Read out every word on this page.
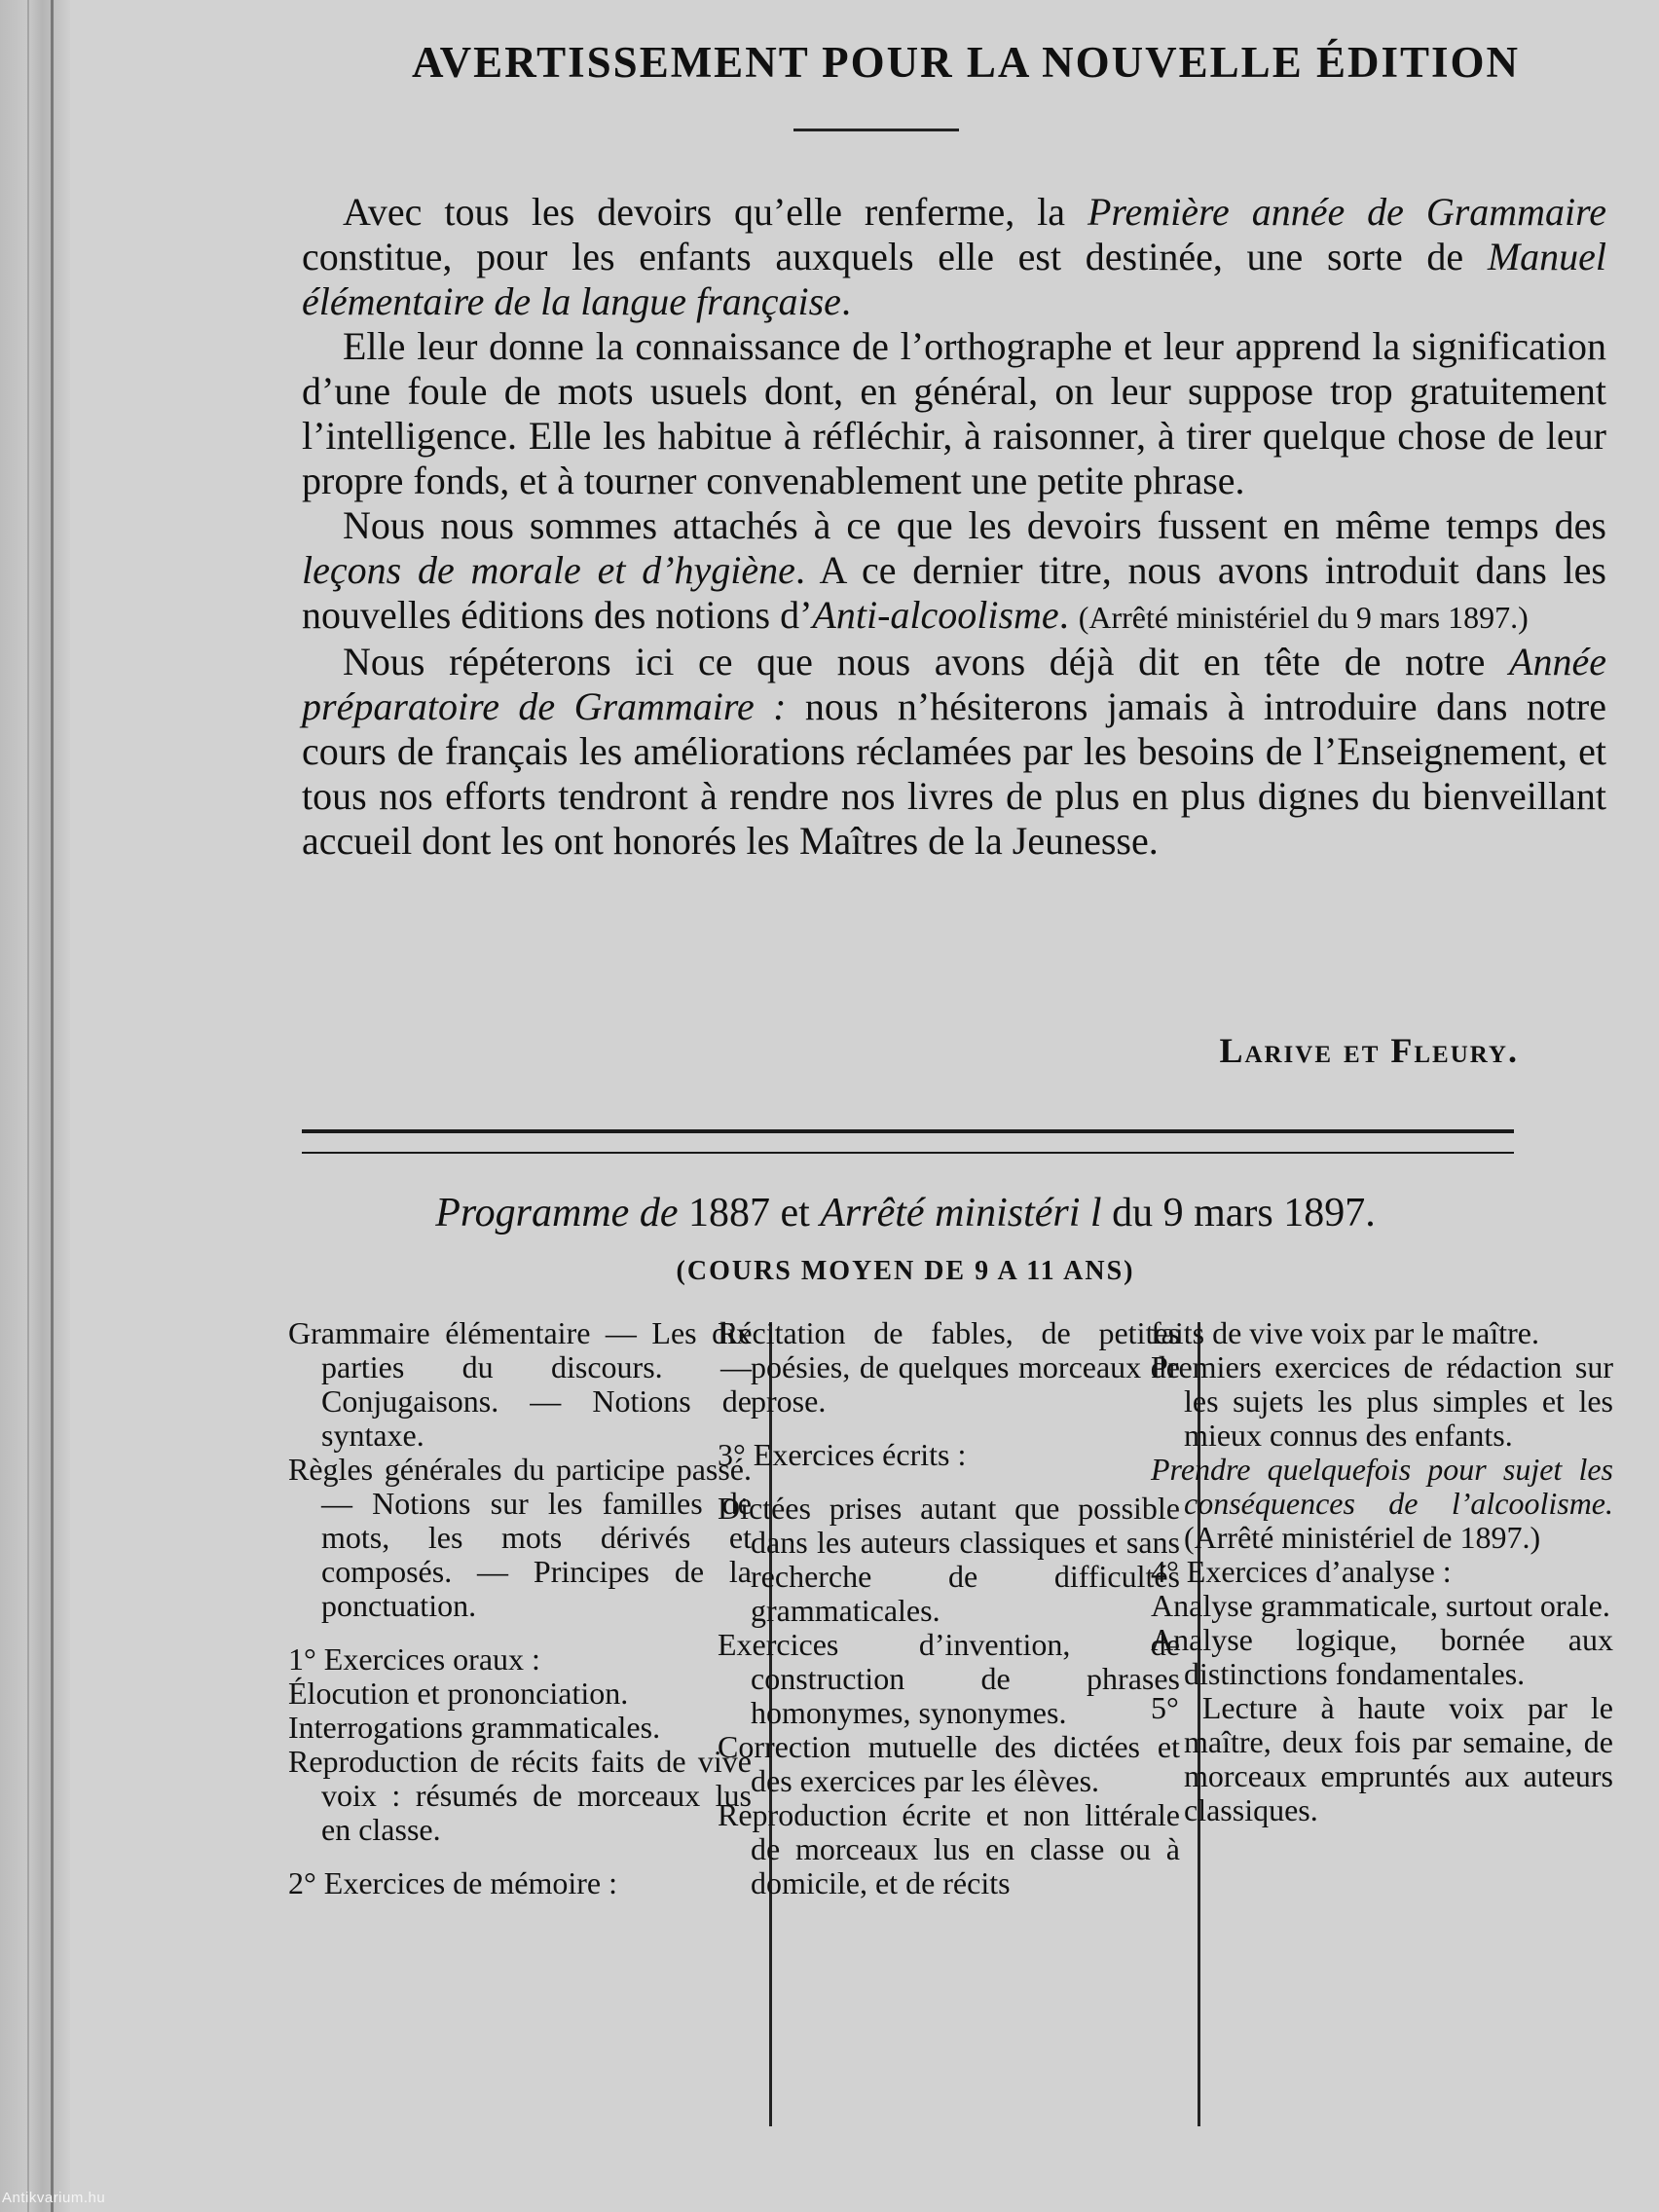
Antikvarium.hu
AVERTISSEMENT POUR LA NOUVELLE ÉDITION

Avec tous les devoirs qu’elle renferme, la Première année de Grammaire constitue, pour les enfants auxquels elle est destinée, une sorte de Manuel élémentaire de la langue française.

Elle leur donne la connaissance de l’orthographe et leur apprend la signification d’une foule de mots usuels dont, en général, on leur suppose trop gratuitement l’intelligence. Elle les habitue à réfléchir, à raisonner, à tirer quelque chose de leur propre fonds, et à tourner convenablement une petite phrase.

Nous nous sommes attachés à ce que les devoirs fussent en même temps des leçons de morale et d’hygiène. A ce dernier titre, nous avons introduit dans les nouvelles éditions des notions d’Anti-alcoolisme. (Arrêté ministériel du 9 mars 1897.)

Nous répéterons ici ce que nous avons déjà dit en tête de notre Année préparatoire de Grammaire : nous n’hésiterons jamais à introduire dans notre cours de français les améliorations réclamées par les besoins de l’Enseignement, et tous nos efforts tendront à rendre nos livres de plus en plus dignes du bienveillant accueil dont les ont honorés les Maîtres de la Jeunesse.

Larive et Fleury.
Programme de 1887 et Arrêté ministéri l du 9 mars 1897.
(COURS MOYEN DE 9 A 11 ANS)

Grammaire élémentaire — Les dix parties du discours. — Conjugaisons. — Notions de syntaxe.

Règles générales du participe passé. — Notions sur les familles de mots, les mots dérivés et composés. — Principes de la ponctuation.

1° Exercices oraux :

Élocution et prononciation.

Interrogations grammaticales.

Reproduction de récits faits de vive voix : résumés de morceaux lus en classe.

2° Exercices de mémoire :

Récitation de fables, de petites poésies, de quelques morceaux de prose.

3° Exercices écrits :

Dictées prises autant que possible dans les auteurs classiques et sans recherche de difficultés grammaticales.

Exercices d’invention, de construction de phrases homonymes, synonymes.

Correction mutuelle des dictées et des exercices par les élèves.

Reproduction écrite et non littérale de morceaux lus en classe ou à domicile, et de récits

faits de vive voix par le maître.

Premiers exercices de rédaction sur les sujets les plus simples et les mieux connus des enfants.

Prendre quelquefois pour sujet les conséquences de l’alcoolisme. (Arrêté ministériel de 1897.)

4° Exercices d’analyse :

Analyse grammaticale, surtout orale.

Analyse logique, bornée aux distinctions fondamentales.

5° Lecture à haute voix par le maître, deux fois par semaine, de morceaux empruntés aux auteurs classiques.
